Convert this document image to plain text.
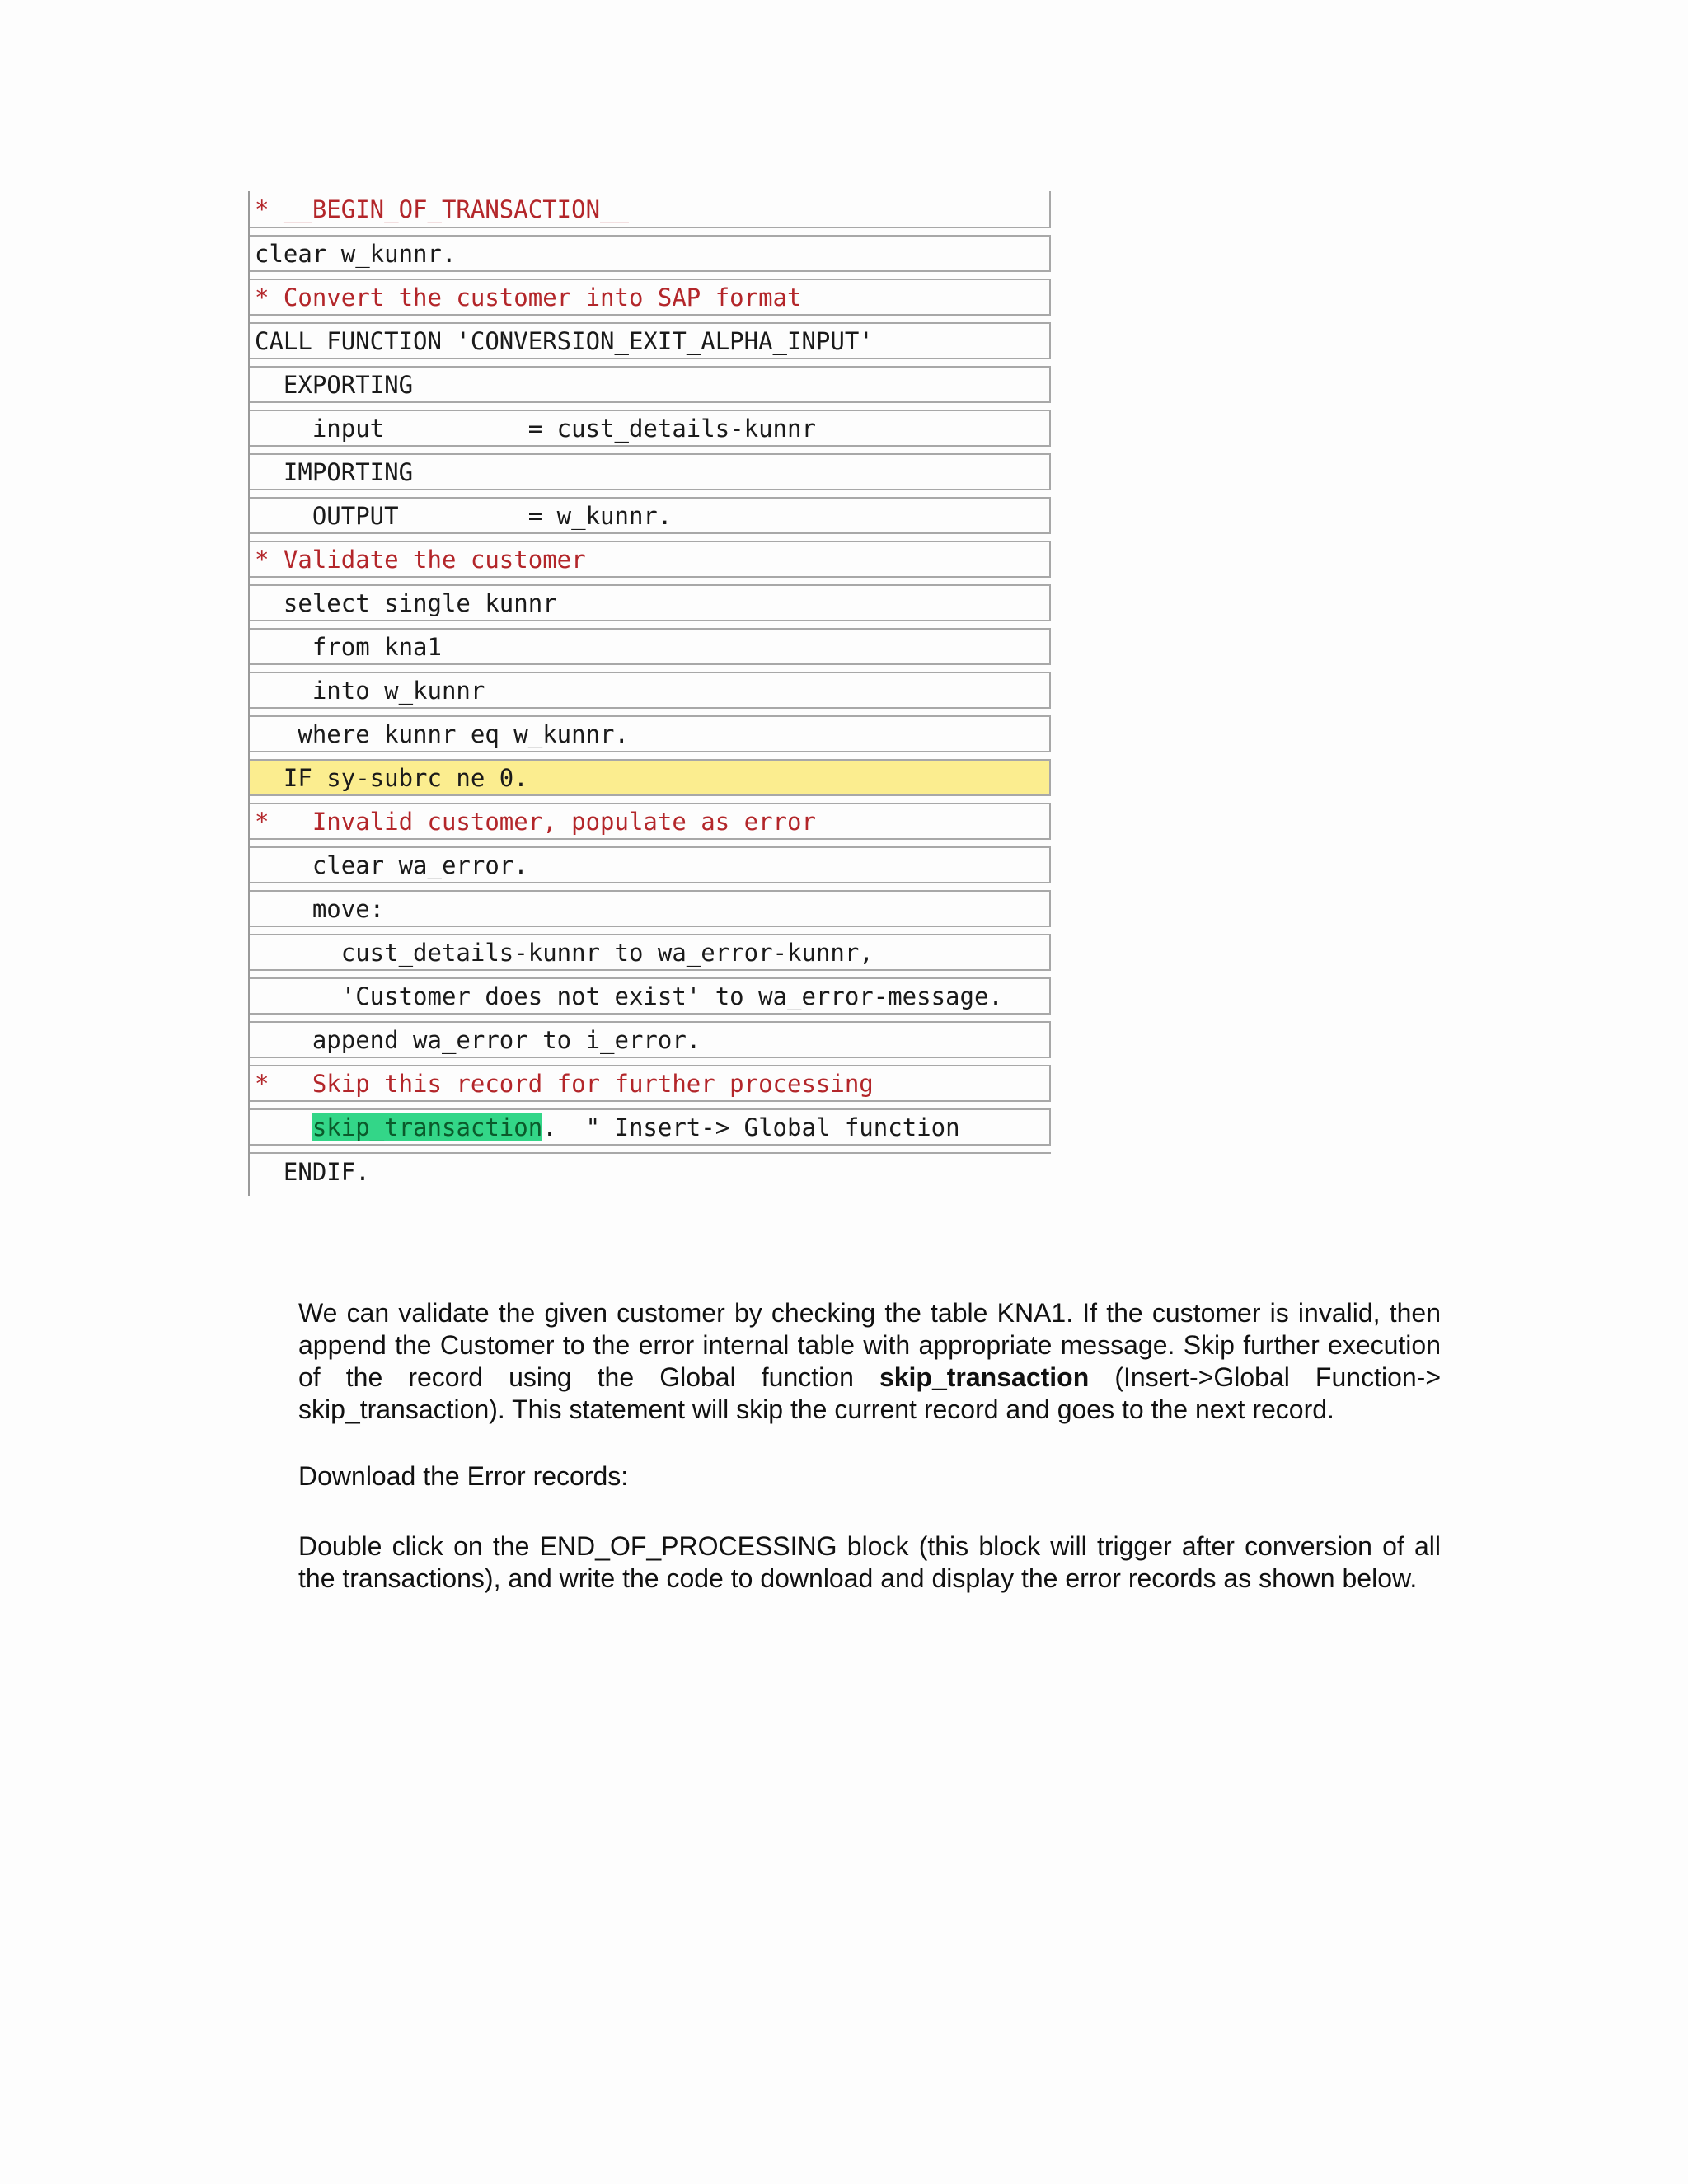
* __BEGIN_OF_TRANSACTION__
clear w_kunnr.
* Convert the customer into SAP format
CALL FUNCTION 'CONVERSION_EXIT_ALPHA_INPUT'
EXPORTING
input          = cust_details-kunnr
IMPORTING
OUTPUT         = w_kunnr.
* Validate the customer
select single kunnr
from kna1
into w_kunnr
where kunnr eq w_kunnr.
IF sy-subrc ne 0.
*   Invalid customer, populate as error
clear wa_error.
move:
cust_details-kunnr to wa_error-kunnr,
'Customer does not exist' to wa_error-message.
append wa_error to i_error.
*   Skip this record for further processing
skip_transaction.  " Insert-> Global function
ENDIF.

We can validate the given customer by checking the table KNA1. If the customer is invalid, then append the Customer to the error internal table with appropriate message. Skip further execution of the record using the Global function skip_transaction (Insert->Global Function-> skip_transaction). This statement will skip the current record and goes to the next record.

Download the Error records:

Double click on the END_OF_PROCESSING block (this block will trigger after conversion of all the transactions), and write the code to download and display the error records as shown below.
